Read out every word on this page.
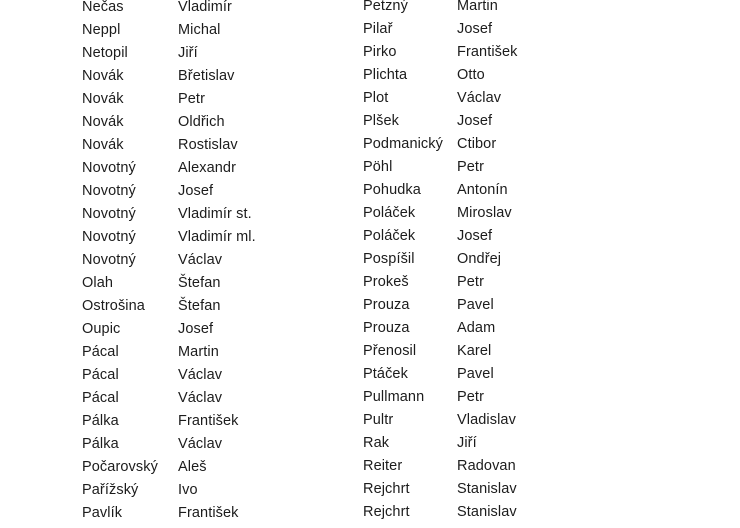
Nečas	Vladimír
Neppl	Michal
Netopil	Jiří
Novák	Břetislav
Novák	Petr
Novák	Oldřich
Novák	Rostislav
Novotný	Alexandr
Novotný	Josef
Novotný	Vladimír st.
Novotný	Vladimír ml.
Novotný	Václav
Olah	Štefan
Ostrošina Štefan
Oupic	Josef
Pácal	Martin
Pácal	Václav
Pácal	Václav
Pálka	František
Pálka	Václav
Počarovský Aleš
Pařížský	Ivo
Pavlík	František
Petzný	Martin
Pilař	Josef
Pirko	František
Plichta	Otto
Plot	Václav
Plšek	Josef
Podmanický Ctibor
Pöhl	Petr
Pohudka Antonín
Poláček	Miroslav
Poláček	Josef
Pospíšil	Ondřej
Prokeš	Petr
Prouza	Pavel
Prouza	Adam
Přenosil	Karel
Ptáček	Pavel
Pullmann Petr
Pultr	Vladislav
Rak	Jiří
Reiter	Radovan
Rejchrt	Stanislav
Rejchrt	Stanislav
